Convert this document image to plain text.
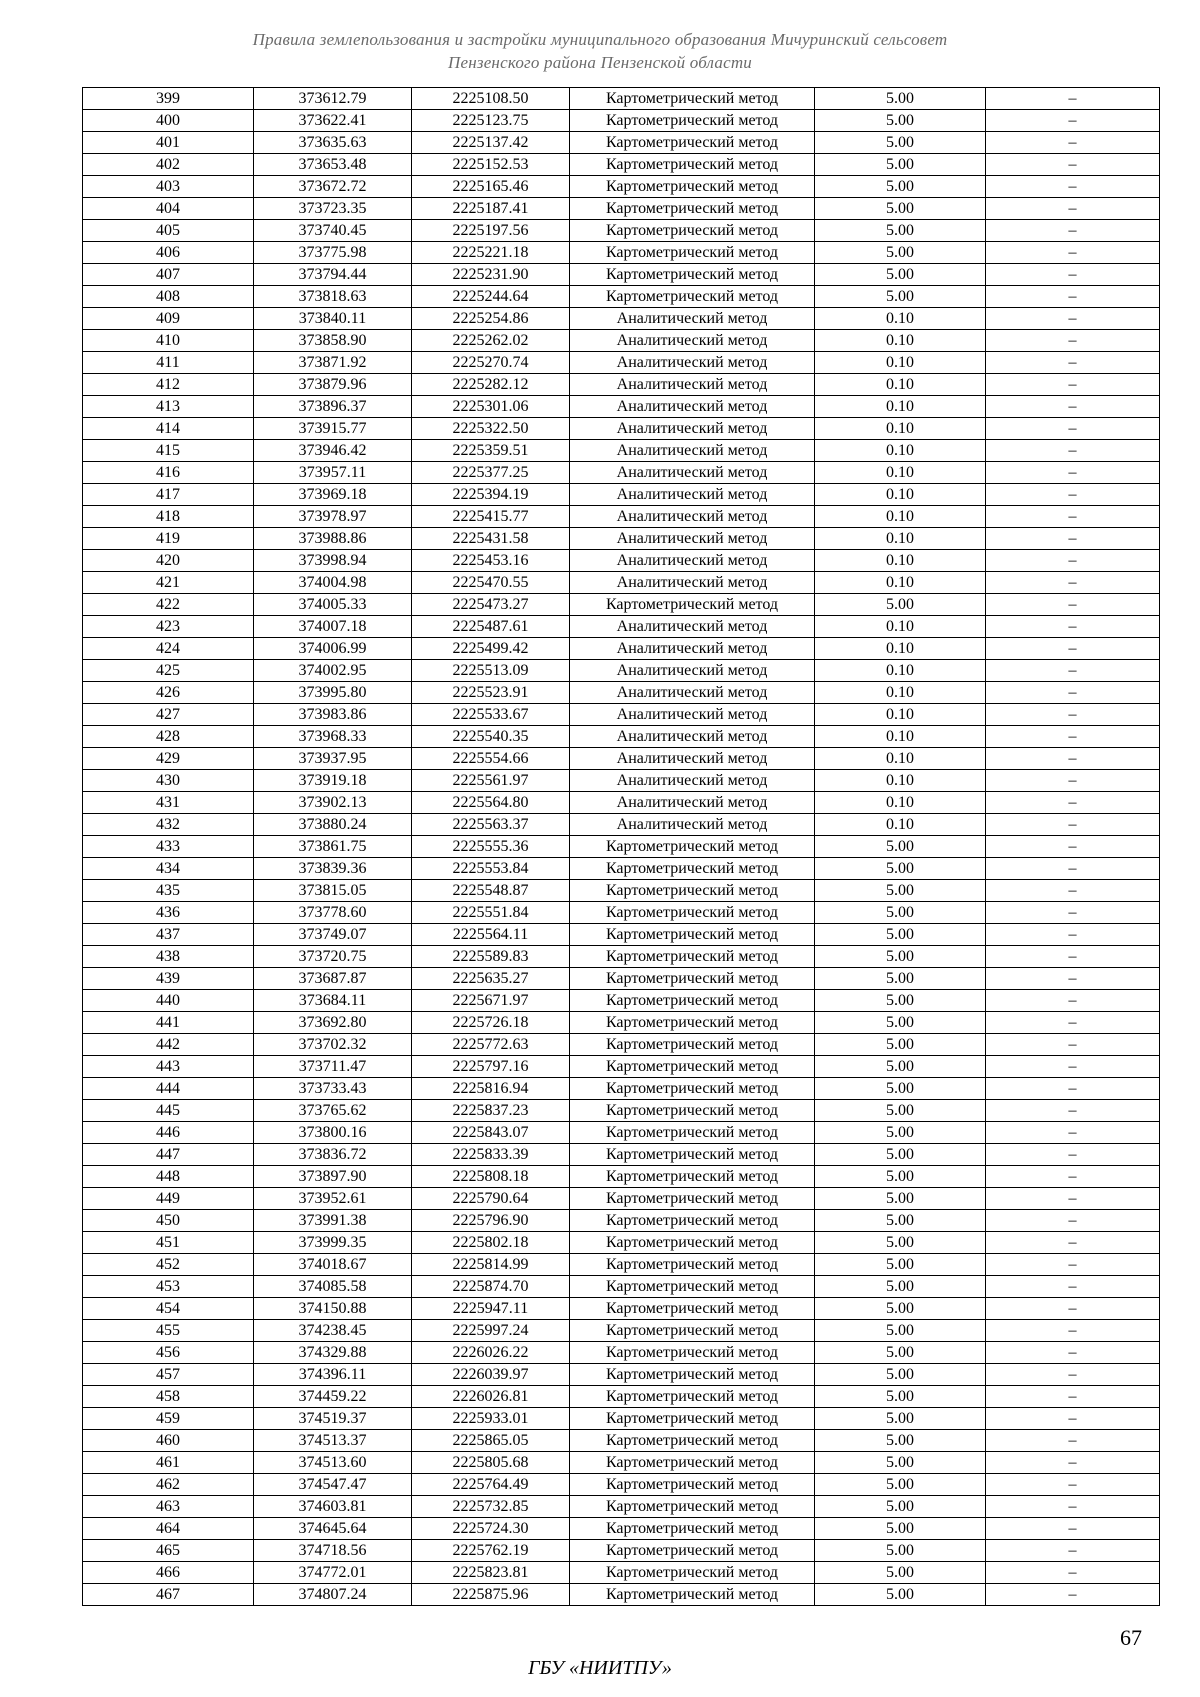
Правила землепользования и застройки муниципального образования Мичуринский сельсовет
Пензенского района Пензенской области
399	373612.79	2225108.50	Картометрический метод	5.00	–
400	373622.41	2225123.75	Картометрический метод	5.00	–
401	373635.63	2225137.42	Картометрический метод	5.00	–
402	373653.48	2225152.53	Картометрический метод	5.00	–
403	373672.72	2225165.46	Картометрический метод	5.00	–
404	373723.35	2225187.41	Картометрический метод	5.00	–
405	373740.45	2225197.56	Картометрический метод	5.00	–
406	373775.98	2225221.18	Картометрический метод	5.00	–
407	373794.44	2225231.90	Картометрический метод	5.00	–
408	373818.63	2225244.64	Картометрический метод	5.00	–
409	373840.11	2225254.86	Аналитический метод	0.10	–
410	373858.90	2225262.02	Аналитический метод	0.10	–
411	373871.92	2225270.74	Аналитический метод	0.10	–
412	373879.96	2225282.12	Аналитический метод	0.10	–
413	373896.37	2225301.06	Аналитический метод	0.10	–
414	373915.77	2225322.50	Аналитический метод	0.10	–
415	373946.42	2225359.51	Аналитический метод	0.10	–
416	373957.11	2225377.25	Аналитический метод	0.10	–
417	373969.18	2225394.19	Аналитический метод	0.10	–
418	373978.97	2225415.77	Аналитический метод	0.10	–
419	373988.86	2225431.58	Аналитический метод	0.10	–
420	373998.94	2225453.16	Аналитический метод	0.10	–
421	374004.98	2225470.55	Аналитический метод	0.10	–
422	374005.33	2225473.27	Картометрический метод	5.00	–
423	374007.18	2225487.61	Аналитический метод	0.10	–
424	374006.99	2225499.42	Аналитический метод	0.10	–
425	374002.95	2225513.09	Аналитический метод	0.10	–
426	373995.80	2225523.91	Аналитический метод	0.10	–
427	373983.86	2225533.67	Аналитический метод	0.10	–
428	373968.33	2225540.35	Аналитический метод	0.10	–
429	373937.95	2225554.66	Аналитический метод	0.10	–
430	373919.18	2225561.97	Аналитический метод	0.10	–
431	373902.13	2225564.80	Аналитический метод	0.10	–
432	373880.24	2225563.37	Аналитический метод	0.10	–
433	373861.75	2225555.36	Картометрический метод	5.00	–
434	373839.36	2225553.84	Картометрический метод	5.00	–
435	373815.05	2225548.87	Картометрический метод	5.00	–
436	373778.60	2225551.84	Картометрический метод	5.00	–
437	373749.07	2225564.11	Картометрический метод	5.00	–
438	373720.75	2225589.83	Картометрический метод	5.00	–
439	373687.87	2225635.27	Картометрический метод	5.00	–
440	373684.11	2225671.97	Картометрический метод	5.00	–
441	373692.80	2225726.18	Картометрический метод	5.00	–
442	373702.32	2225772.63	Картометрический метод	5.00	–
443	373711.47	2225797.16	Картометрический метод	5.00	–
444	373733.43	2225816.94	Картометрический метод	5.00	–
445	373765.62	2225837.23	Картометрический метод	5.00	–
446	373800.16	2225843.07	Картометрический метод	5.00	–
447	373836.72	2225833.39	Картометрический метод	5.00	–
448	373897.90	2225808.18	Картометрический метод	5.00	–
449	373952.61	2225790.64	Картометрический метод	5.00	–
450	373991.38	2225796.90	Картометрический метод	5.00	–
451	373999.35	2225802.18	Картометрический метод	5.00	–
452	374018.67	2225814.99	Картометрический метод	5.00	–
453	374085.58	2225874.70	Картометрический метод	5.00	–
454	374150.88	2225947.11	Картометрический метод	5.00	–
455	374238.45	2225997.24	Картометрический метод	5.00	–
456	374329.88	2226026.22	Картометрический метод	5.00	–
457	374396.11	2226039.97	Картометрический метод	5.00	–
458	374459.22	2226026.81	Картометрический метод	5.00	–
459	374519.37	2225933.01	Картометрический метод	5.00	–
460	374513.37	2225865.05	Картометрический метод	5.00	–
461	374513.60	2225805.68	Картометрический метод	5.00	–
462	374547.47	2225764.49	Картометрический метод	5.00	–
463	374603.81	2225732.85	Картометрический метод	5.00	–
464	374645.64	2225724.30	Картометрический метод	5.00	–
465	374718.56	2225762.19	Картометрический метод	5.00	–
466	374772.01	2225823.81	Картометрический метод	5.00	–
467	374807.24	2225875.96	Картометрический метод	5.00	–
67
ГБУ «НИИТПУ»
